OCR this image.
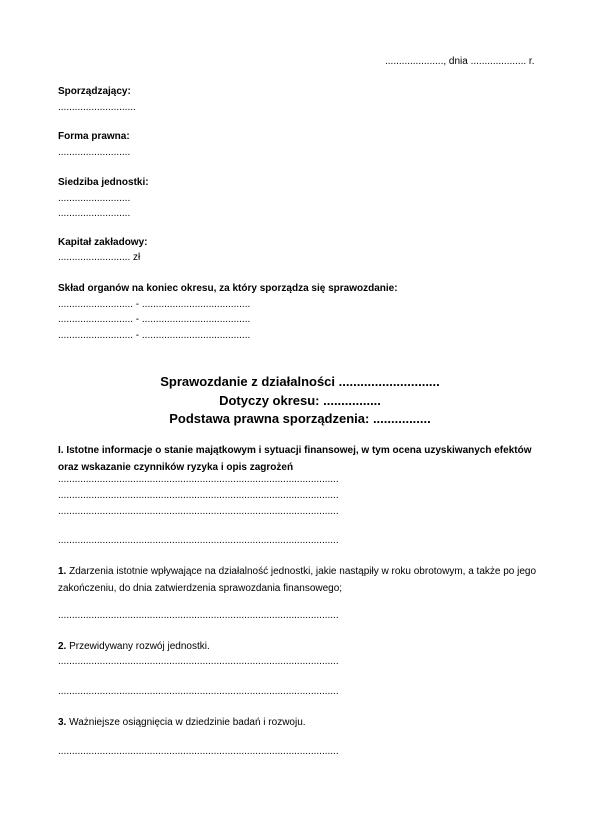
....................., dnia .................... r.
Sporządzający:
............................
Forma prawna:
..........................
Siedziba jednostki:
..........................
..........................
Kapitał zakładowy:
.......................... zł
Skład organów na koniec okresu, za który sporządza się sprawozdanie:
........................... - .......................................
........................... - .......................................
........................... - .......................................
Sprawozdanie z działalności ............................
Dotyczy okresu: ................
Podstawa prawna sporządzenia: ................
I. Istotne informacje o stanie majątkowym i sytuacji finansowej, w tym ocena uzyskiwanych efektów oraz wskazanie czynników ryzyka i opis zagrożeń
.....................................................................................................
.....................................................................................................
.....................................................................................................
.....................................................................................................
1. Zdarzenia istotnie wpływające na działalność jednostki, jakie nastąpiły w roku obrotowym, a także po jego zakończeniu, do dnia zatwierdzenia sprawozdania finansowego;
.....................................................................................................
2. Przewidywany rozwój jednostki.
.....................................................................................................
.....................................................................................................
3. Ważniejsze osiągnięcia w dziedzinie badań i rozwoju.
.....................................................................................................
